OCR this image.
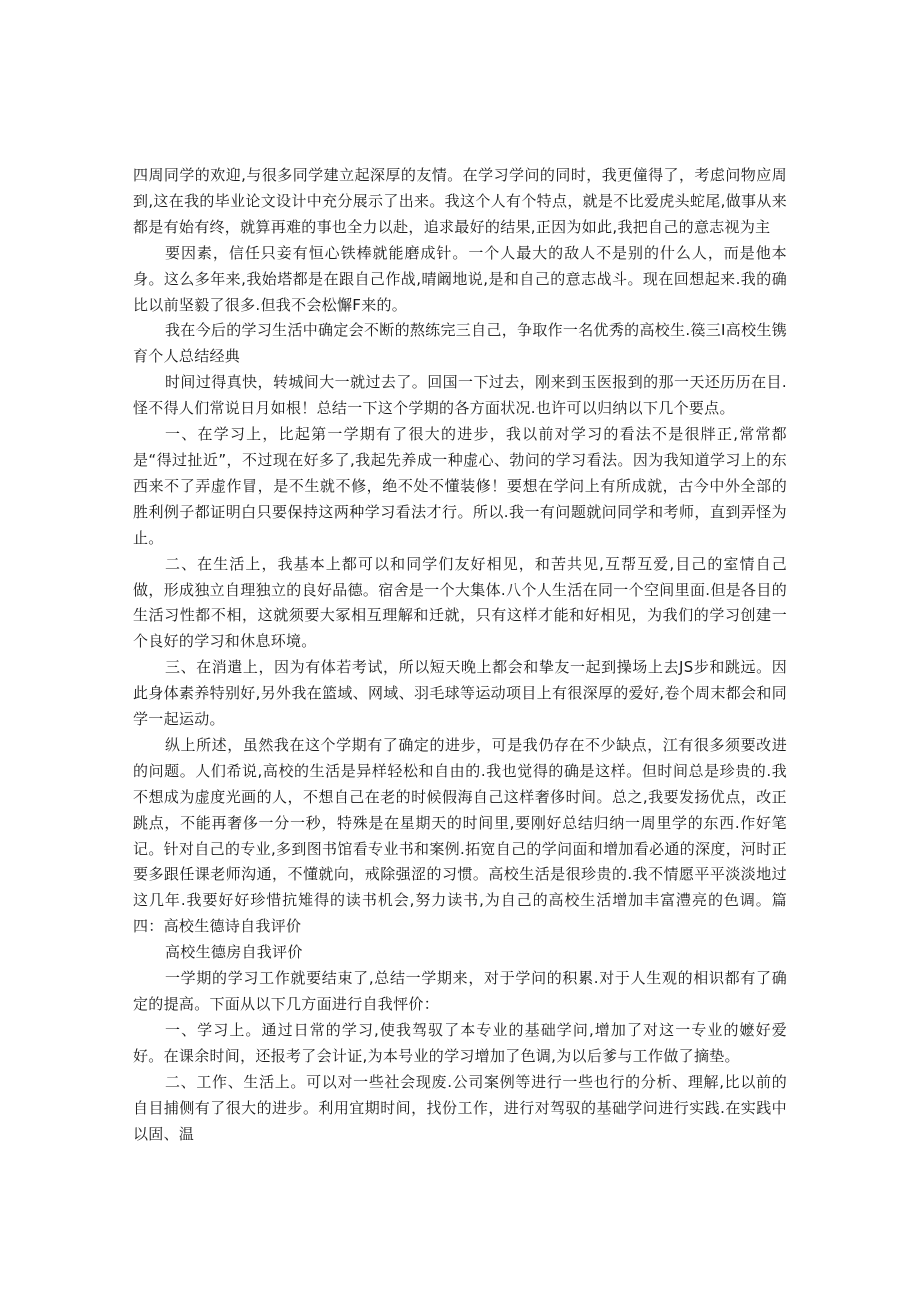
四周同学的欢迎,与很多同学建立起深厚的友情。在学习学问的同时，我更僮得了，考虑问物应周到,这在我的毕业论文设计中充分展示了出来。我这个人有个特点，就是不比爱虎头蛇尾,做事从来都是有始有终，就算再难的事也全力以赴，追求最好的结果,正因为如此,我把自己的意志视为主

要因素，信任只妾有恒心铁棒就能磨成针。一个人最大的敌人不是别的什么人，而是他本身。这么多年来,我始塔都是在跟自己作战,晴阚地说,是和自己的意志战斗。现在回想起来.我的确比以前坚毅了很多.但我不会松懈F来的。

我在今后的学习生活中确定会不断的熬练完三自己，争取作一名优秀的高校生.篌三I高校生镌育个人总结经典

时间过得真快，转城间大一就过去了。回国一下过去，刚来到玉医报到的那一天还历历在目.怪不得人们常说日月如根！总结一下这个学期的各方面状况.也许可以归纳以下几个要点。

一、在学习上，比起第一学期有了很大的进步，我以前对学习的看法不是很牉正,常常都是“得过扯近”，不过现在好多了,我起先养成一种虚心、勃问的学习看法。因为我知道学习上的东西来不了弄虚作冒，是不生就不修，绝不处不懂装修！要想在学问上有所成就，古今中外全部的胜利例子都证明白只要保持这两种学习看法才行。所以.我一有问题就问同学和考师，直到弄怪为止。

二、在生活上，我基本上都可以和同学们友好相见，和苦共见,互帮互爱,目己的室情自己做，形成独立自理独立的良好品德。宿舍是一个大集体.八个人生活在同一个空间里面.但是各目的生活习性都不相，这就须要大冢相互理解和迁就，只有这样才能和好相见，为我们的学习创建一个良好的学习和休息环境。

三、在消遣上，因为有体若考试，所以短天晚上都会和挚友一起到操场上去JS步和跳远。因此身体素养特别好,另外我在篮域、网域、羽毛球等运动项目上有很深厚的爱好,卷个周末都会和同学一起运动。

纵上所述，虽然我在这个学期有了确定的进步，可是我仍存在不少缺点，江有很多须要改进的问题。人们希说,高校的生活是异样轻松和自由的.我也觉得的确是这样。但时间总是珍贵的.我不想成为虚度光画的人，不想自己在老的时候假海自己这样奢侈时间。总之,我要发扬优点，改正跳点，不能再奢侈一分一秒，特殊是在星期天的时间里,要刚好总结归纳一周里学的东西.作好笔记。针对自己的专业,多到图书馆看专业书和案例.拓宽自己的学问面和增加看必通的深度，河时正要多跟任课老师沟通，不懂就向，戒除强涩的习惯。高校生活是很珍贵的.我不情愿平平淡淡地过这几年.我要好好珍惜抗雉得的读书机会,努力读书,为自己的高校生活增加丰富澧亮的色调。篇四：高校生德诗自我评价

高校生德房自我评价

一学期的学习工作就要结束了,总结一学期来，对于学问的积累.对于人生观的相识都有了确定的提高。下面从以下几方面进行自我怦价：

一、学习上。通过日常的学习,使我驾驭了本专业的基础学问,增加了对这一专业的嬷好爱好。在课余时间，还报考了会计证,为本号业的学习增加了色调,为以后爹与工作做了摘垫。

二、工作、生活上。可以对一些社会现废.公司案例等进行一些也行的分析、理解,比以前的自目捕侧有了很大的进步。利用宜期时间，找份工作，进行对驾驭的基础学问进行实践.在实践中以固、温
